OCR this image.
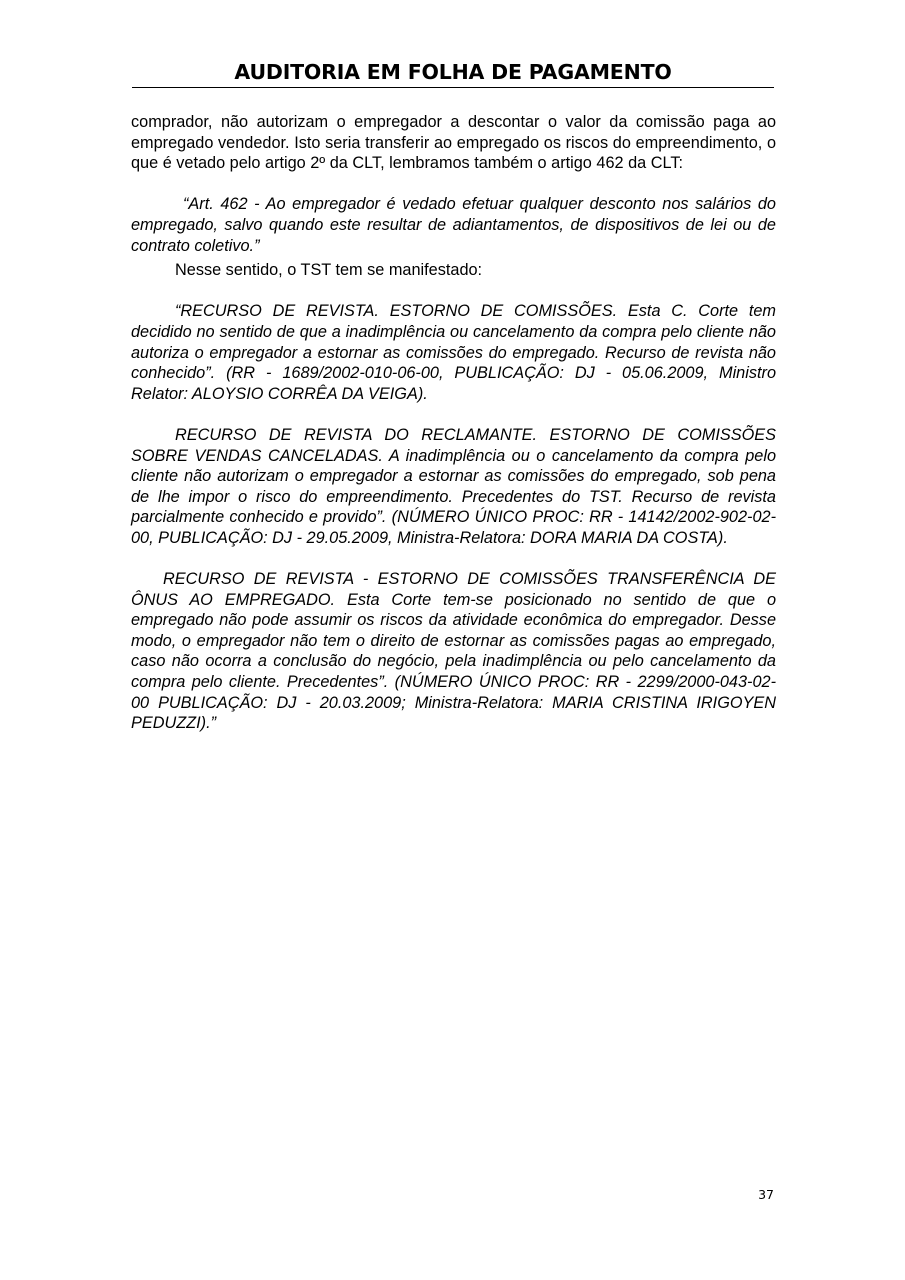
AUDITORIA EM FOLHA DE PAGAMENTO

comprador, não autorizam o empregador a descontar o valor da comissão paga ao empregado vendedor. Isto seria transferir ao empregado os riscos do empreendimento, o que é vetado pelo artigo 2º da CLT, lembramos também o artigo 462 da CLT:

“Art. 462 - Ao empregador é vedado efetuar qualquer desconto nos salários do empregado, salvo quando este resultar de adiantamentos, de dispositivos de lei ou de contrato coletivo.”

Nesse sentido, o TST tem se manifestado:

“RECURSO DE REVISTA. ESTORNO DE COMISSÕES. Esta C. Corte tem decidido no sentido de que a inadimplência ou cancelamento da compra pelo cliente não autoriza o empregador a estornar as comissões do empregado. Recurso de revista não conhecido”. (RR - 1689/2002-010-06-00, PUBLICAÇÃO: DJ - 05.06.2009, Ministro Relator: ALOYSIO CORRÊA DA VEIGA).

RECURSO DE REVISTA DO RECLAMANTE. ESTORNO DE COMISSÕES SOBRE VENDAS CANCELADAS. A inadimplência ou o cancelamento da compra pelo cliente não autorizam o empregador a estornar as comissões do empregado, sob pena de lhe impor o risco do empreendimento. Precedentes do TST. Recurso de revista parcialmente conhecido e provido”. (NÚMERO ÚNICO PROC: RR - 14142/2002-902-02-00, PUBLICAÇÃO: DJ - 29.05.2009, Ministra-Relatora: DORA MARIA DA COSTA).

RECURSO DE REVISTA - ESTORNO DE COMISSÕES TRANSFERÊNCIA DE ÔNUS AO EMPREGADO. Esta Corte tem-se posicionado no sentido de que o empregado não pode assumir os riscos da atividade econômica do empregador. Desse modo, o empregador não tem o direito de estornar as comissões pagas ao empregado, caso não ocorra a conclusão do negócio, pela inadimplência ou pelo cancelamento da compra pelo cliente. Precedentes”. (NÚMERO ÚNICO PROC: RR - 2299/2000-043-02-00 PUBLICAÇÃO: DJ - 20.03.2009; Ministra-Relatora: MARIA CRISTINA IRIGOYEN PEDUZZI).”

37
